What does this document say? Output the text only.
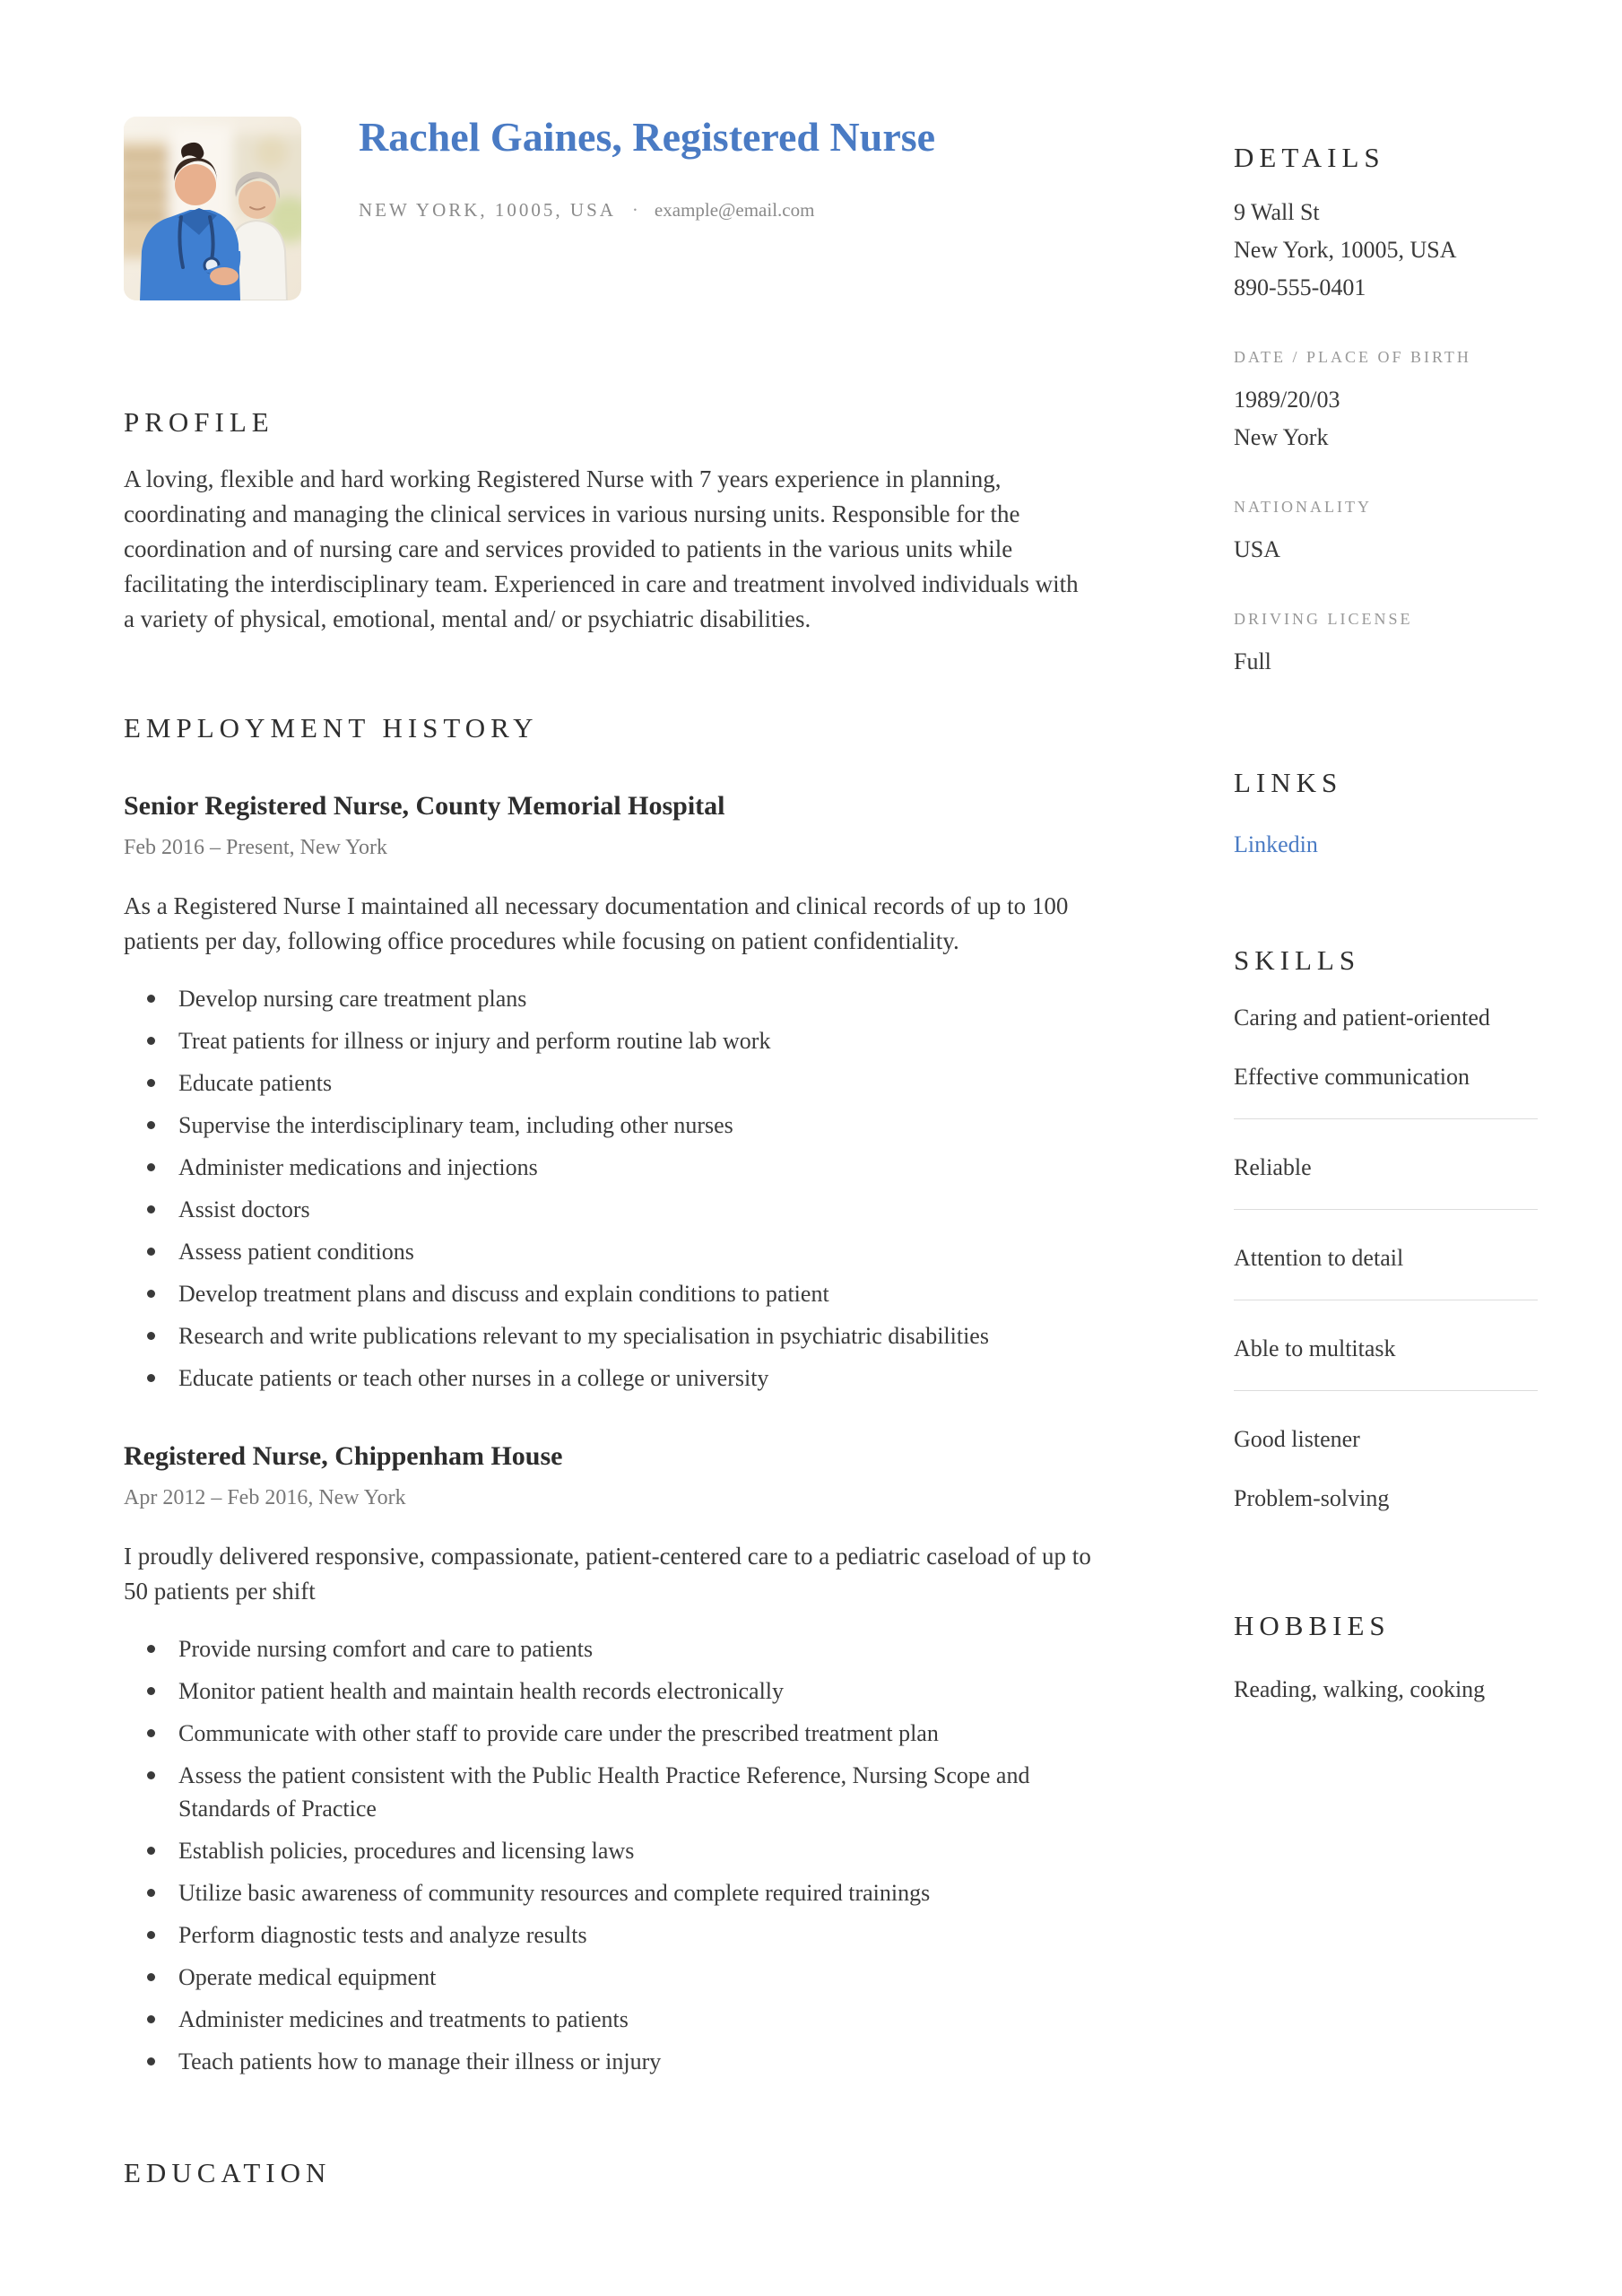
Rachel Gaines, Registered Nurse
NEW YORK, 10005, USA · example@email.com
PROFILE

A loving, flexible and hard working Registered Nurse with 7 years experience in planning, coordinating and managing the clinical services in various nursing units. Responsible for the coordination and of nursing care and services provided to patients in the various units while facilitating the interdisciplinary team. Experienced in care and treatment involved individuals with a variety of physical, emotional, mental and/ or psychiatric disabilities.

EMPLOYMENT HISTORY
Senior Registered Nurse, County Memorial Hospital
Feb 2016 – Present, New York
As a Registered Nurse I maintained all necessary documentation and clinical records of up to 100 patients per day, following office procedures while focusing on patient confidentiality.
Develop nursing care treatment plans
Treat patients for illness or injury and perform routine lab work
Educate patients
Supervise the interdisciplinary team, including other nurses
Administer medications and injections
Assist doctors
Assess patient conditions
Develop treatment plans and discuss and explain conditions to patient
Research and write publications relevant to my specialisation in psychiatric disabilities
Educate patients or teach other nurses in a college or university
Registered Nurse, Chippenham House
Apr 2012 – Feb 2016, New York
I proudly delivered responsive, compassionate, patient-centered care to a pediatric caseload of up to 50 patients per shift
Provide nursing comfort and care to patients
Monitor patient health and maintain health records electronically
Communicate with other staff to provide care under the prescribed treatment plan
Assess the patient consistent with the Public Health Practice Reference, Nursing Scope and Standards of Practice
Establish policies, procedures and licensing laws
Utilize basic awareness of community resources and complete required trainings
Perform diagnostic tests and analyze results
Operate medical equipment
Administer medicines and treatments to patients
Teach patients how to manage their illness or injury
EDUCATION
DETAILS
9 Wall St
New York, 10005, USA
890-555-0401
DATE / PLACE OF BIRTH
1989/20/03
New York
NATIONALITY
USA
DRIVING LICENSE
Full
LINKS
Linkedin
SKILLS
Caring and patient-oriented
Effective communication
Reliable
Attention to detail
Able to multitask
Good listener
Problem-solving
HOBBIES
Reading, walking, cooking
